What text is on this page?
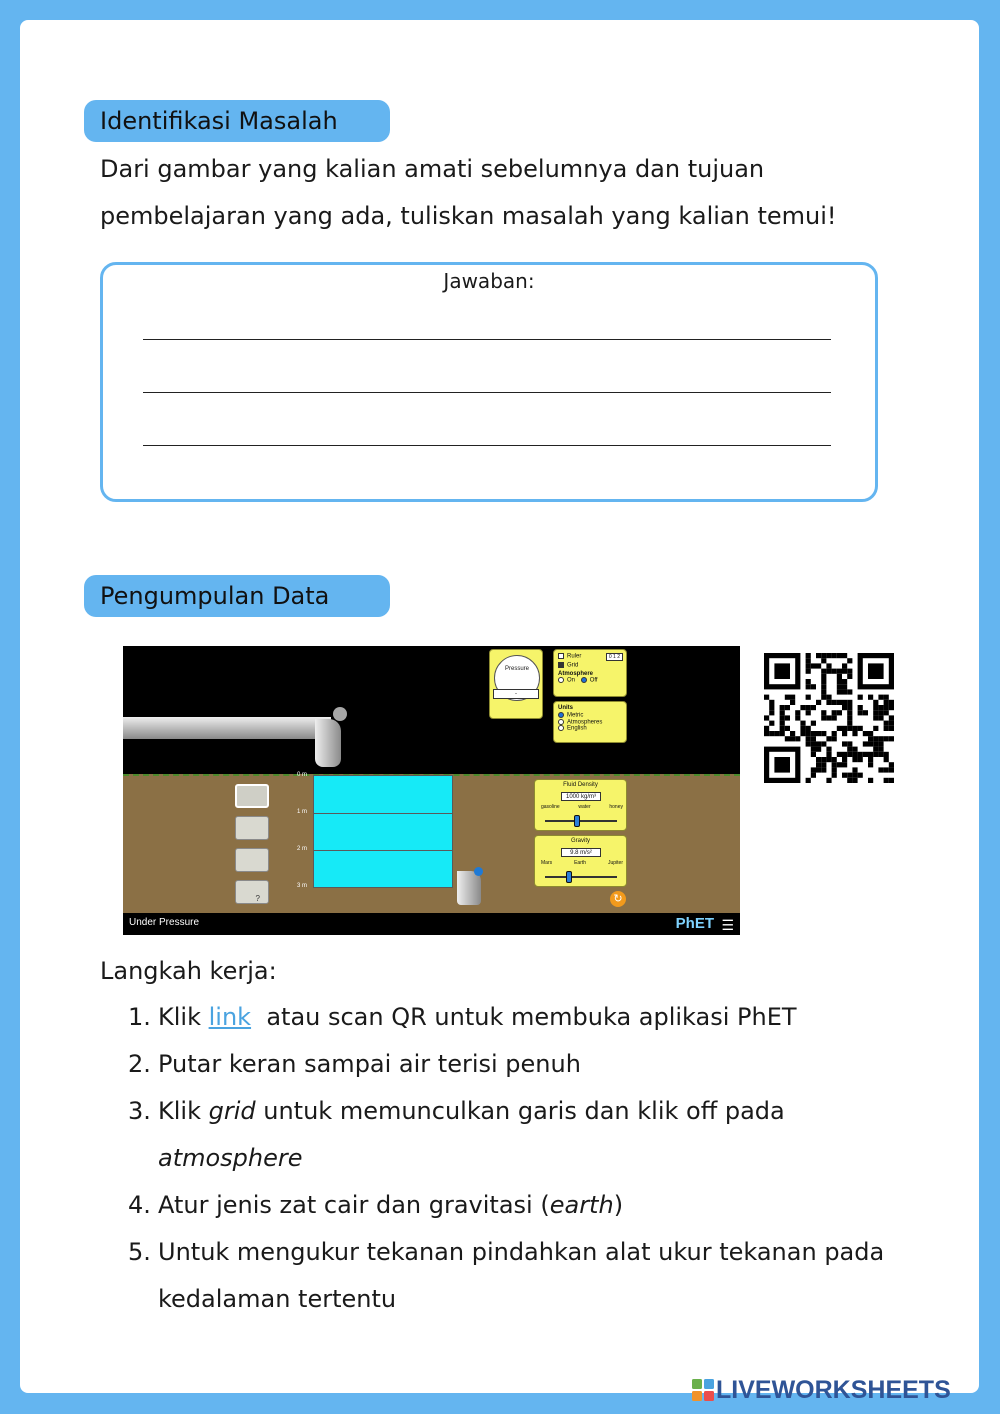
Identifikasi Masalah
Dari gambar yang kalian amati sebelumnya dan tujuan pembelajaran yang ada, tuliskan masalah yang kalian temui!
Jawaban:
Pengumpulan Data
Pressure
-
Ruler	0 1 2
Grid
Atmosphere
On Off
Units
Metric
Atmospheres
English
0 m
1 m
2 m
3 m
?
Fluid Density
1000 kg/m³
gasoline	water	honey
Gravity
9.8 m/s²
Mars	Earth	Jupiter
↻
Under Pressure	PhET ☰
Langkah kerja:
1. Klik link  atau scan QR untuk membuka aplikasi PhET
2. Putar keran sampai air terisi penuh
3. Klik grid untuk memunculkan garis dan klik off pada atmosphere
4. Atur jenis zat cair dan gravitasi (earth)
5. Untuk mengukur tekanan pindahkan alat ukur tekanan pada kedalaman tertentu
LIVEWORKSHEETS
